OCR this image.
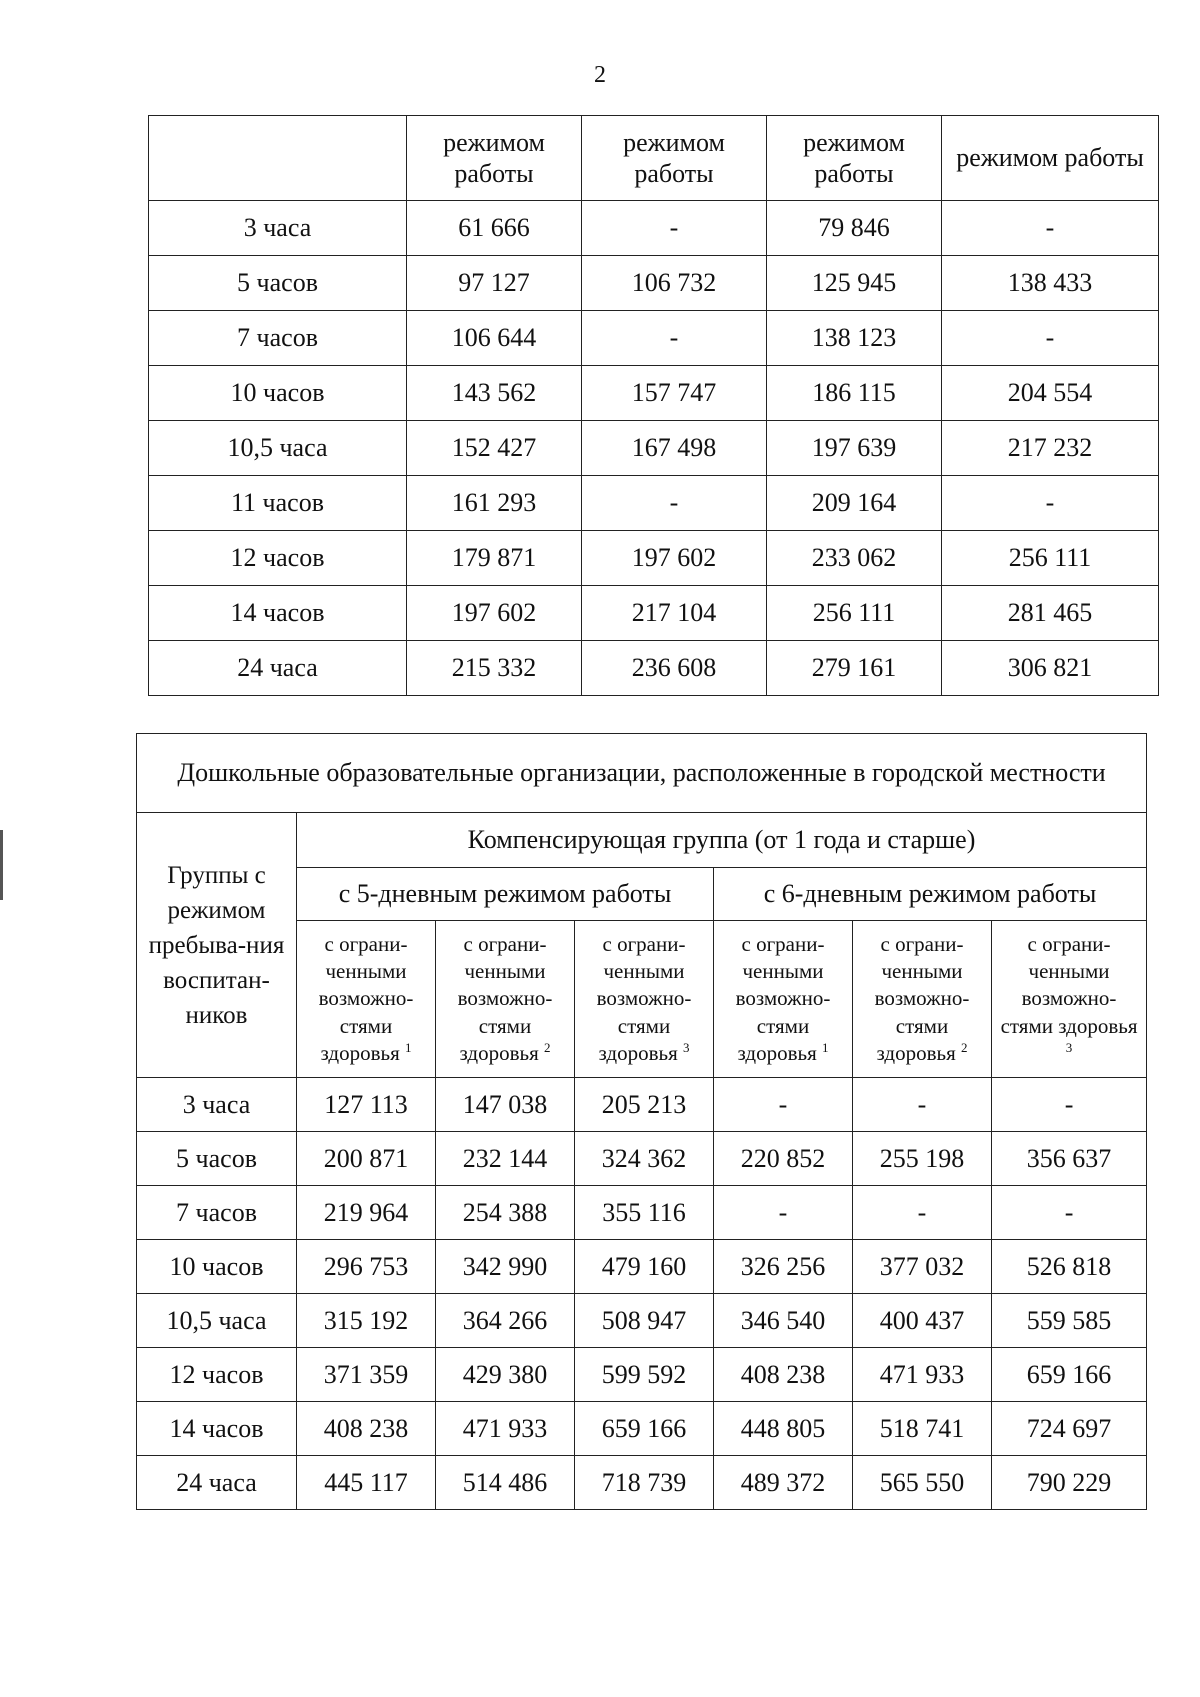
2
	режимом работы	режимом работы	режимом работы	режимом работы
3 часа	61 666	-	79 846	-
5 часов	97 127	106 732	125 945	138 433
7 часов	106 644	-	138 123	-
10 часов	143 562	157 747	186 115	204 554
10,5 часа	152 427	167 498	197 639	217 232
11 часов	161 293	-	209 164	-
12 часов	179 871	197 602	233 062	256 111
14 часов	197 602	217 104	256 111	281 465
24 часа	215 332	236 608	279 161	306 821
Дошкольные образовательные организации, расположенные в городской местности						
Группы с режимом пребыва-ния воспитан-ников	Компенсирующая группа (от 1 года и старше)					
	с 5-дневным режимом работы			с 6-дневным режимом работы		
	с ограни-ченными возможно-стями здоровья $^1$	с ограни-ченными возможно-стями здоровья $^2$	с ограни-ченными возможно-стями здоровья $^3$	с ограни-ченными возможно-стями здоровья $^1$	с ограни-ченными возможно-стями здоровья $^2$	с ограни-ченными возможно-стями здоровья $^3$
3 часа	127 113	147 038	205 213	-	-	-
5 часов	200 871	232 144	324 362	220 852	255 198	356 637
7 часов	219 964	254 388	355 116	-	-	-
10 часов	296 753	342 990	479 160	326 256	377 032	526 818
10,5 часа	315 192	364 266	508 947	346 540	400 437	559 585
12 часов	371 359	429 380	599 592	408 238	471 933	659 166
14 часов	408 238	471 933	659 166	448 805	518 741	724 697
24 часа	445 117	514 486	718 739	489 372	565 550	790 229
